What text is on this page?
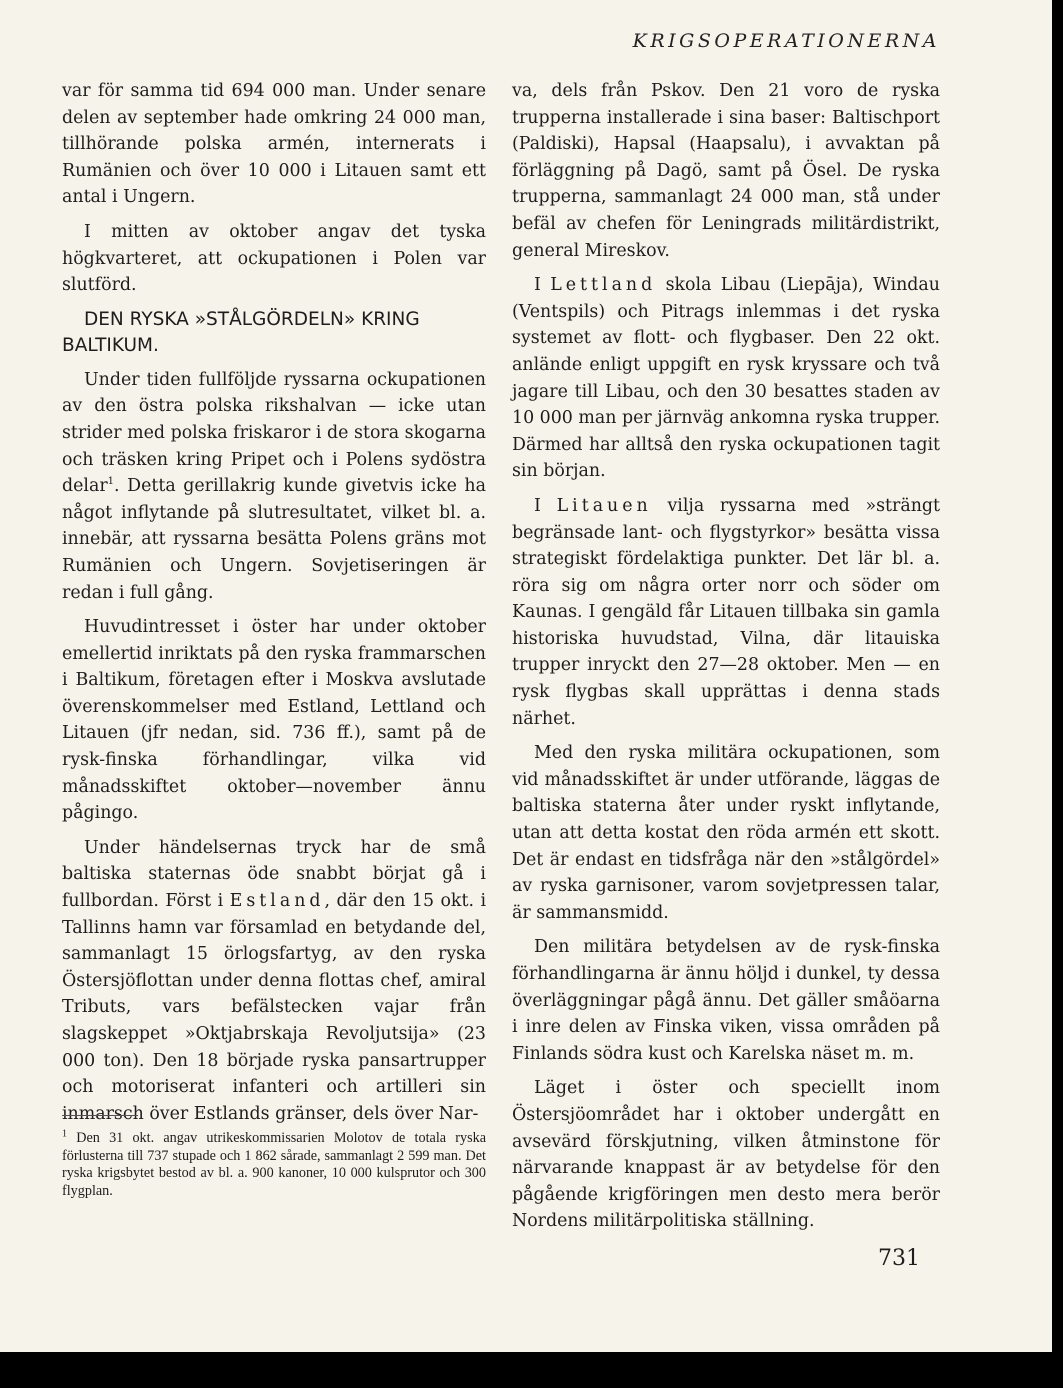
KRIGSOPERATIONERNA

var för samma tid 694 000 man. Under senare delen av september hade omkring 24 000 man, tillhörande polska armén, internerats i Rumänien och över 10 000 i Litauen samt ett antal i Ungern.

I mitten av oktober angav det tyska högkvarteret, att ockupationen i Polen var slutförd.

DEN RYSKA »STÅLGÖRDELN» KRING BALTIKUM.

Under tiden fullföljde ryssarna ockupationen av den östra polska rikshalvan — icke utan strider med polska friskaror i de stora skogarna och träsken kring Pripet och i Polens sydöstra delar$^1$. Detta gerillakrig kunde givetvis icke ha något inflytande på slutresultatet, vilket bl. a. innebär, att ryssarna besätta Polens gräns mot Rumänien och Ungern. Sovjetiseringen är redan i full gång.

Huvudintresset i öster har under oktober emellertid inriktats på den ryska frammarschen i Baltikum, företagen efter i Moskva avslutade överenskommelser med Estland, Lettland och Litauen (jfr nedan, sid. 736 ff.), samt på de rysk-finska förhandlingar, vilka vid månadsskiftet oktober—november ännu pågingo.

Under händelsernas tryck har de små baltiska staternas öde snabbt börjat gå i fullbordan. Först i Estland, där den 15 okt. i Tallinns hamn var församlad en betydande del, sammanlagt 15 örlogsfartyg, av den ryska Östersjöflottan under denna flottas chef, amiral Tributs, vars befälstecken vajar från slagskeppet »Oktjabrskaja Revoljutsija» (23 000 ton). Den 18 började ryska pansartrupper och motoriserat infanteri och artilleri sin inmarsch över Estlands gränser, dels över Nar-

$^1$ Den 31 okt. angav utrikeskommissarien Molotov de totala ryska förlusterna till 737 stupade och 1 862 sårade, sammanlagt 2 599 man. Det ryska krigsbytet bestod av bl. a. 900 kanoner, 10 000 kulsprutor och 300 flygplan.

va, dels från Pskov. Den 21 voro de ryska trupperna installerade i sina baser: Baltischport (Paldiski), Hapsal (Haapsalu), i avvaktan på förläggning på Dagö, samt på Ösel. De ryska trupperna, sammanlagt 24 000 man, stå under befäl av chefen för Leningrads militärdistrikt, general Mireskov.

I Lettland skola Libau (Liepāja), Windau (Ventspils) och Pitrags inlemmas i det ryska systemet av flott- och flygbaser. Den 22 okt. anlände enligt uppgift en rysk kryssare och två jagare till Libau, och den 30 besattes staden av 10 000 man per järnväg ankomna ryska trupper. Därmed har alltså den ryska ockupationen tagit sin början.

I Litauen vilja ryssarna med »strängt begränsade lant- och flygstyrkor» besätta vissa strategiskt fördelaktiga punkter. Det lär bl. a. röra sig om några orter norr och söder om Kaunas. I gengäld får Litauen tillbaka sin gamla historiska huvudstad, Vilna, där litauiska trupper inryckt den 27—28 oktober. Men — en rysk flygbas skall upprättas i denna stads närhet.

Med den ryska militära ockupationen, som vid månadsskiftet är under utförande, läggas de baltiska staterna åter under ryskt inflytande, utan att detta kostat den röda armén ett skott. Det är endast en tidsfråga när den »stålgördel» av ryska garnisoner, varom sovjetpressen talar, är sammansmidd.

Den militära betydelsen av de rysk-finska förhandlingarna är ännu höljd i dunkel, ty dessa överläggningar pågå ännu. Det gäller småöarna i inre delen av Finska viken, vissa områden på Finlands södra kust och Karelska näset m. m.

Läget i öster och speciellt inom Östersjöområdet har i oktober undergått en avsevärd förskjutning, vilken åtminstone för närvarande knappast är av betydelse för den pågående krigföringen men desto mera berör Nordens militärpolitiska ställning.

731
